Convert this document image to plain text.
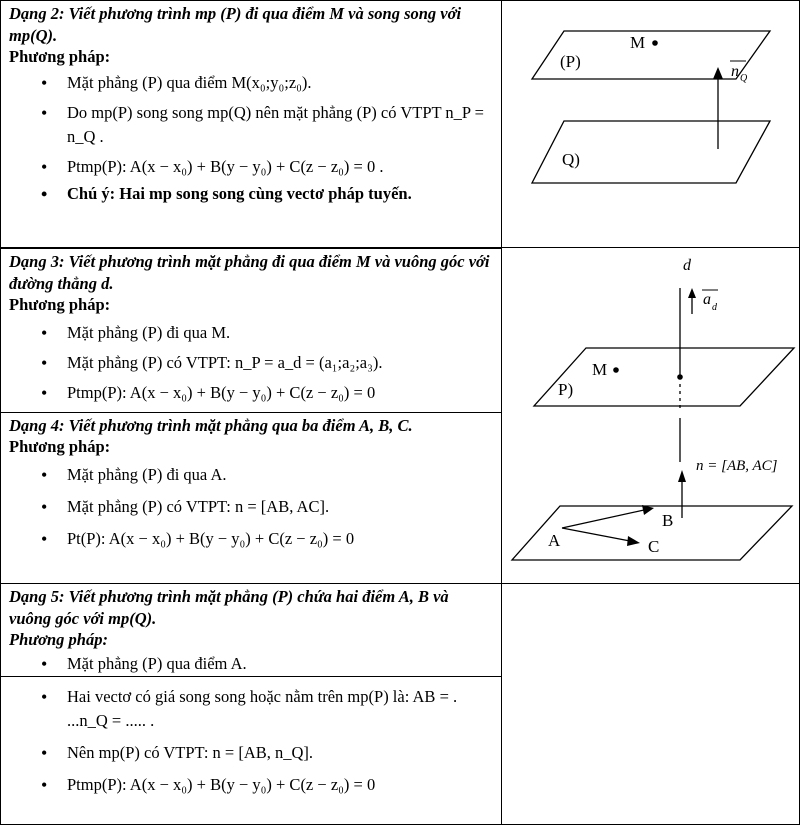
Dạng 2: Viết phương trình mp (P) đi qua điểm M và song song với mp(Q).
Phương pháp:
• Mặt phẳng (P) qua điểm M(x₀;y₀;z₀).
• Do mp(P) song song mp(Q) nên mặt phẳng (P) có VTPT n_P = n_Q .
• Ptmp(P): A(x − x₀) + B(y − y₀) + C(z − z₀) = 0 .
• Chú ý: Hai mp song song cùng vectơ pháp tuyến.
M
(P)
Q)
n Q
Dạng 3: Viết phương trình mặt phẳng đi qua điểm M và vuông góc với đường thẳng d.
Phương pháp:
• Mặt phẳng (P) đi qua M.
• Mặt phẳng (P) có VTPT: n_P = a_d = (a₁;a₂;a₃).
• Ptmp(P): A(x − x₀) + B(y − y₀) + C(z − z₀) = 0
Dạng 4: Viết phương trình mặt phẳng qua ba điểm A, B, C.
Phương pháp:
• Mặt phẳng (P) đi qua A.
• Mặt phẳng (P) có VTPT: n = [AB, AC].
• Pt(P): A(x − x₀) + B(y − y₀) + C(z − z₀) = 0
d
a d
M
P)
n = [AB, AC]
A
B
C
Dạng 5: Viết phương trình mặt phẳng (P) chứa hai điểm A, B và vuông góc với mp(Q).
Phương pháp:
• Mặt phẳng (P) qua điểm A.
• Hai vectơ có giá song song hoặc nằm trên mp(P) là: AB = . ...n_Q = ..... .
• Nên mp(P) có VTPT: n = [AB, n_Q].
• Ptmp(P): A(x − x₀) + B(y − y₀) + C(z − z₀) = 0
